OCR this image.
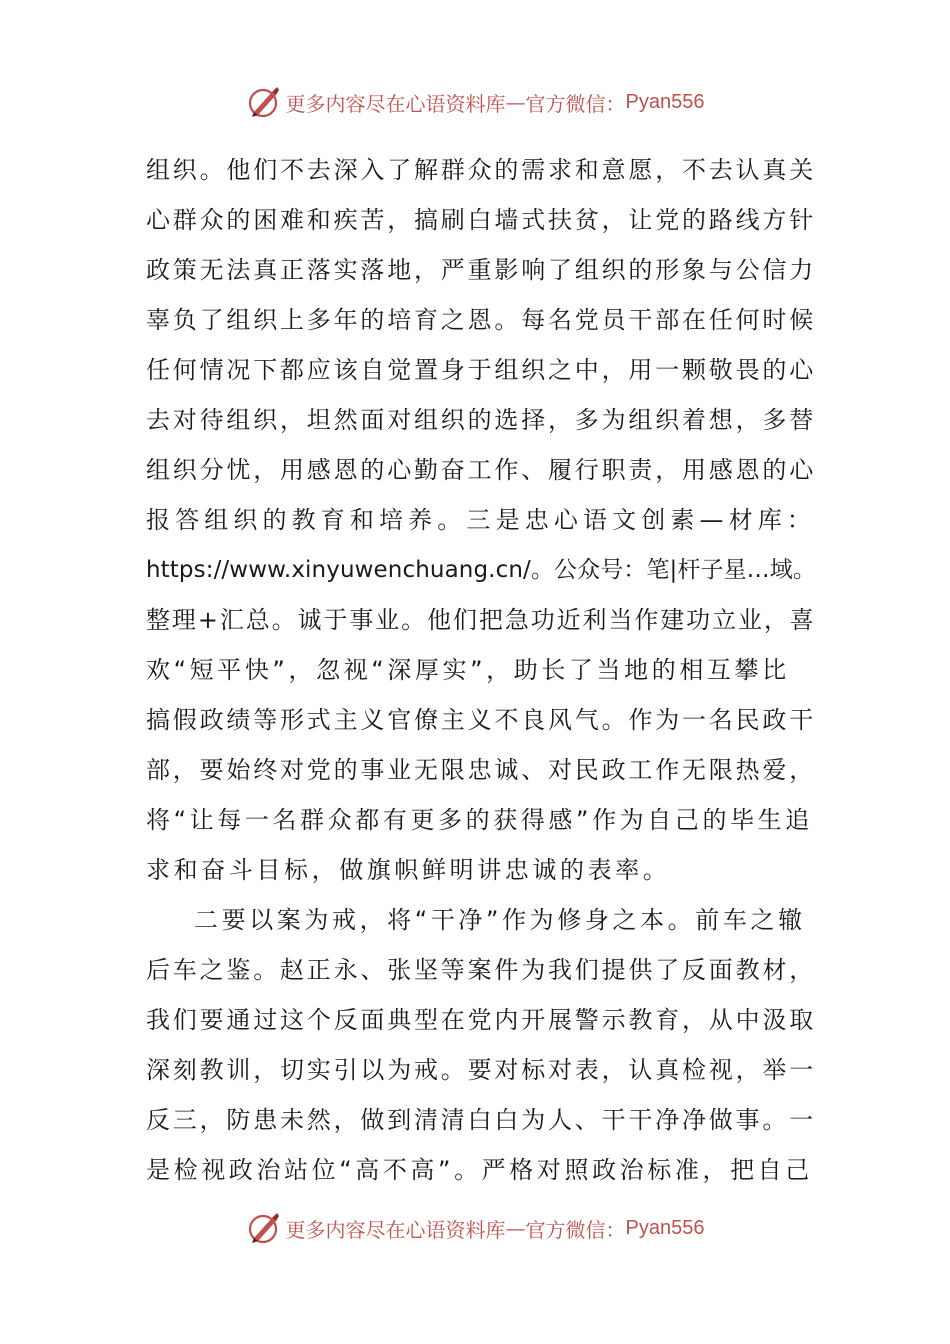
更多内容尽在心语资料库 — 官方微信： Pyan556
组织。他们不去深入了解群众的需求和意愿，不去认真关
心群众的困难和疾苦，搞刷白墙式扶贫，让党的路线方针
政策无法真正落实落地，严重影响了组织的形象与公信力
辜负了组织上多年的培育之恩。每名党员干部在任何时候
任何情况下都应该自觉置身于组织之中，用一颗敬畏的心
去对待组织，坦然面对组织的选择，多为组织着想，多替
组织分忧，用感恩的心勤奋工作、履行职责，用感恩的心
报答组织的教育和培养。三是忠心语文创素—材库：
https://www.xinyuwenchuang.cn/。公众号：笔|杆子星…域。
整理+汇总。诚于事业。他们把急功近利当作建功立业，喜
欢“短平快”，忽视“深厚实”，助长了当地的相互攀比
搞假政绩等形式主义官僚主义不良风气。作为一名民政干
部，要始终对党的事业无限忠诚、对民政工作无限热爱，
将“让每一名群众都有更多的获得感”作为自己的毕生追
求和奋斗目标，做旗帜鲜明讲忠诚的表率。
二要以案为戒，将“干净”作为修身之本。前车之辙
后车之鉴。赵正永、张坚等案件为我们提供了反面教材，
我们要通过这个反面典型在党内开展警示教育，从中汲取
深刻教训，切实引以为戒。要对标对表，认真检视，举一
反三，防患未然，做到清清白白为人、干干净净做事。一
是检视政治站位“高不高”。严格对照政治标准，把自己
更多内容尽在心语资料库 — 官方微信： Pyan556
